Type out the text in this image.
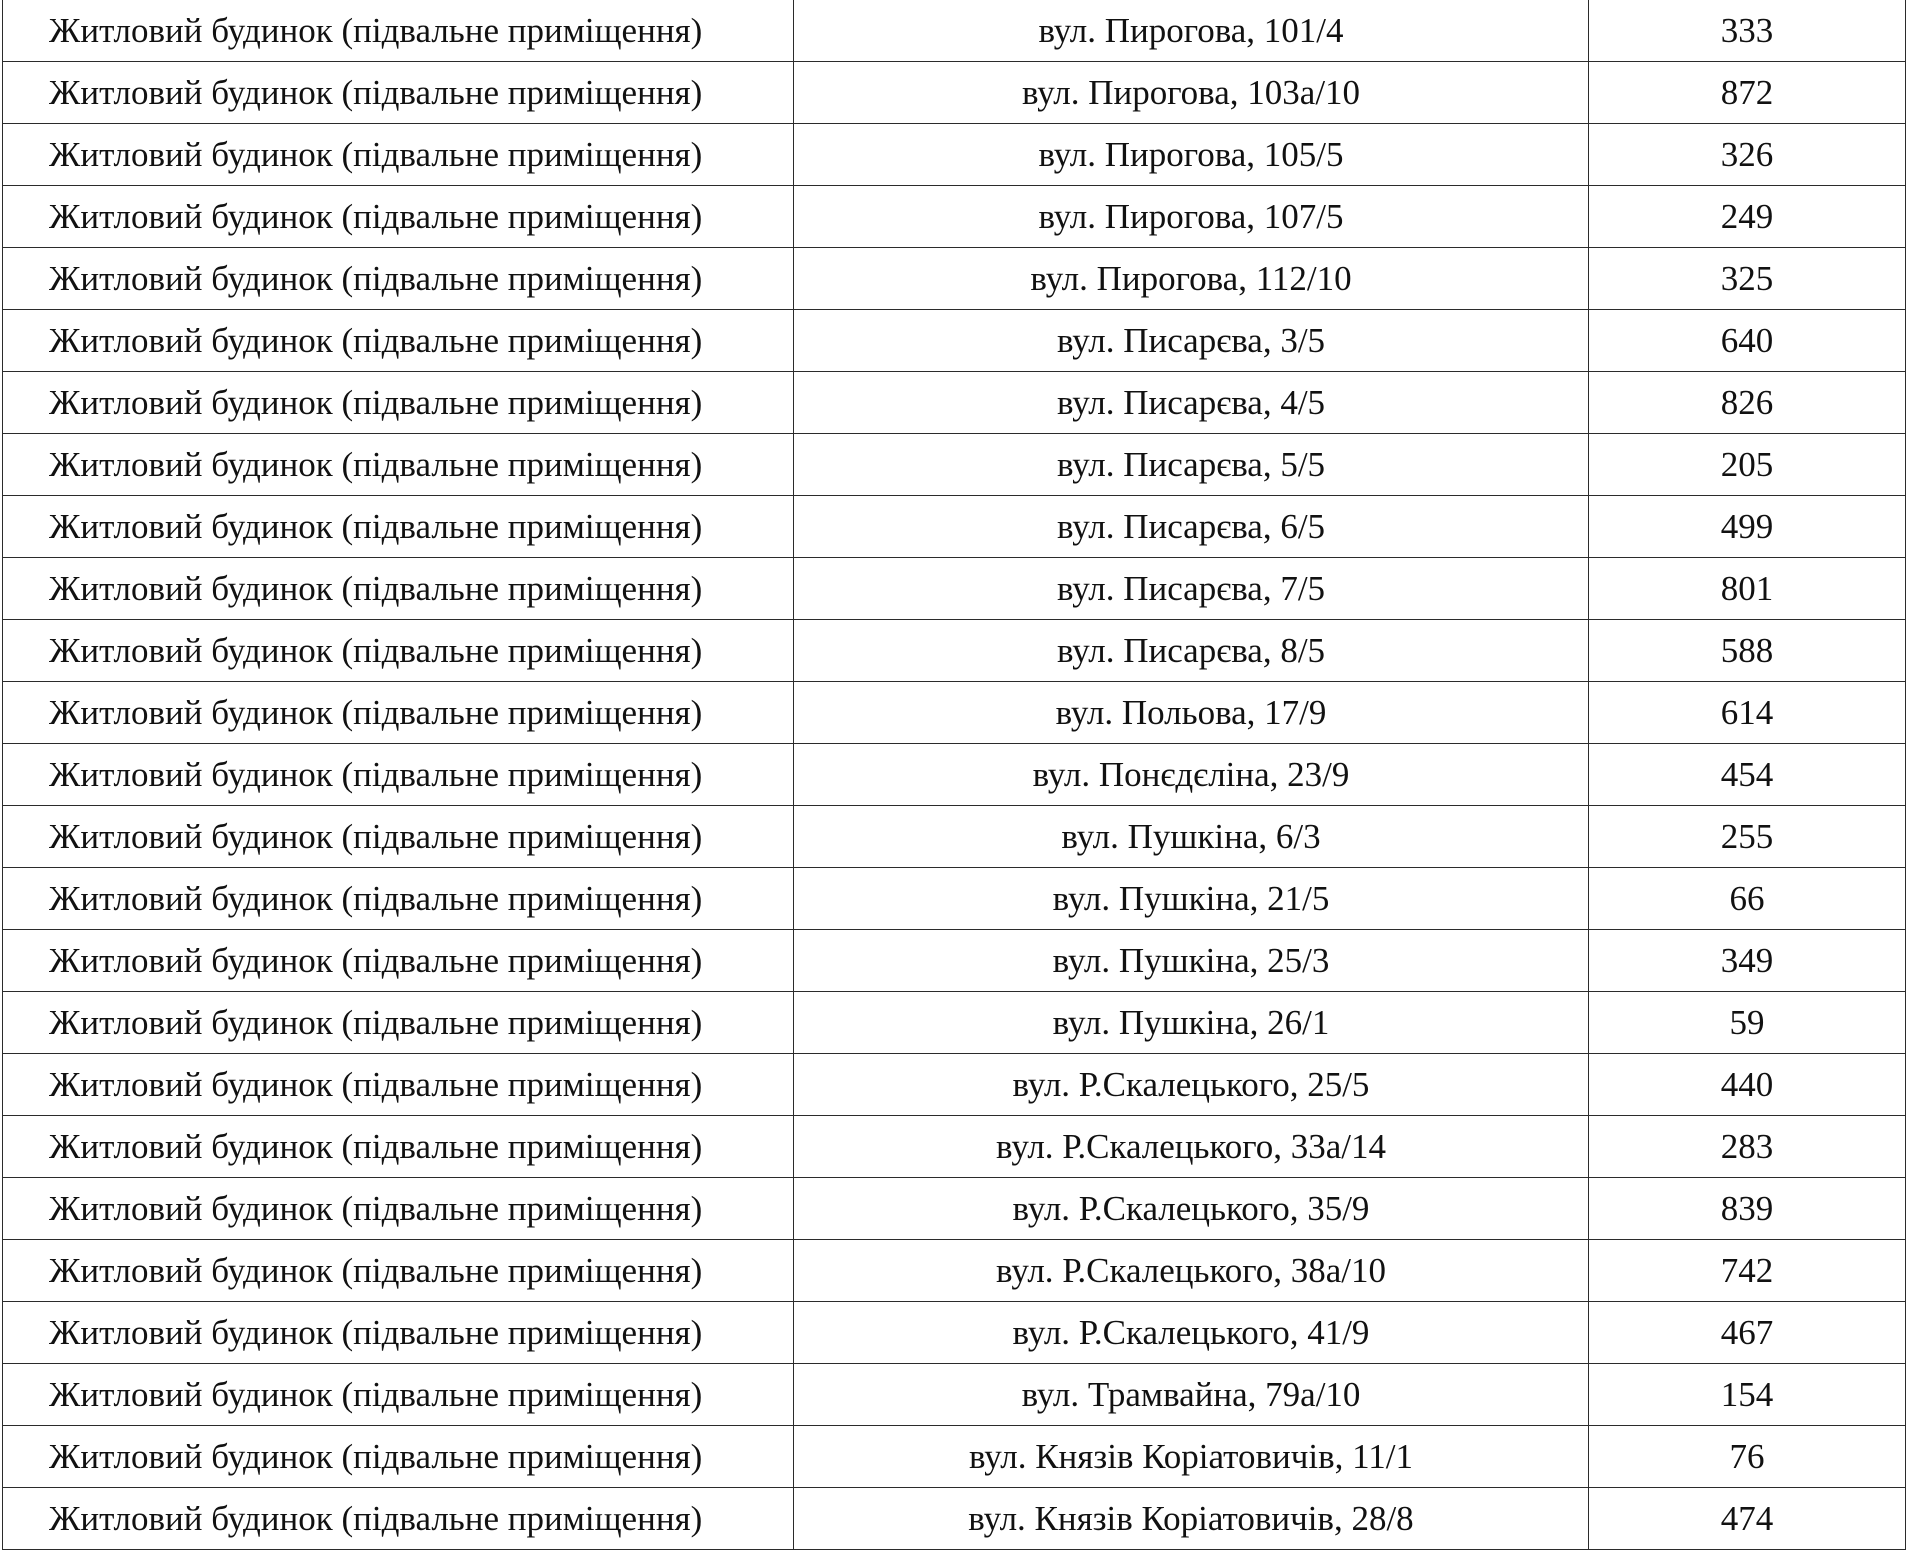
Житловий будинок (підвальне приміщення)	вул. Пирогова, 101/4	333
Житловий будинок (підвальне приміщення)	вул. Пирогова, 103а/10	872
Житловий будинок (підвальне приміщення)	вул. Пирогова, 105/5	326
Житловий будинок (підвальне приміщення)	вул. Пирогова, 107/5	249
Житловий будинок (підвальне приміщення)	вул. Пирогова, 112/10	325
Житловий будинок (підвальне приміщення)	вул. Писарєва, 3/5	640
Житловий будинок (підвальне приміщення)	вул. Писарєва, 4/5	826
Житловий будинок (підвальне приміщення)	вул. Писарєва, 5/5	205
Житловий будинок (підвальне приміщення)	вул. Писарєва, 6/5	499
Житловий будинок (підвальне приміщення)	вул. Писарєва, 7/5	801
Житловий будинок (підвальне приміщення)	вул. Писарєва, 8/5	588
Житловий будинок (підвальне приміщення)	вул. Польова, 17/9	614
Житловий будинок (підвальне приміщення)	вул. Понєдєліна, 23/9	454
Житловий будинок (підвальне приміщення)	вул. Пушкіна, 6/3	255
Житловий будинок (підвальне приміщення)	вул. Пушкіна, 21/5	66
Житловий будинок (підвальне приміщення)	вул. Пушкіна, 25/3	349
Житловий будинок (підвальне приміщення)	вул. Пушкіна, 26/1	59
Житловий будинок (підвальне приміщення)	вул. Р.Скалецького, 25/5	440
Житловий будинок (підвальне приміщення)	вул. Р.Скалецького, 33а/14	283
Житловий будинок (підвальне приміщення)	вул. Р.Скалецького, 35/9	839
Житловий будинок (підвальне приміщення)	вул. Р.Скалецького, 38а/10	742
Житловий будинок (підвальне приміщення)	вул. Р.Скалецького, 41/9	467
Житловий будинок (підвальне приміщення)	вул. Трамвайна, 79а/10	154
Житловий будинок (підвальне приміщення)	вул. Князів Коріатовичів, 11/1	76
Житловий будинок (підвальне приміщення)	вул. Князів Коріатовичів, 28/8	474
